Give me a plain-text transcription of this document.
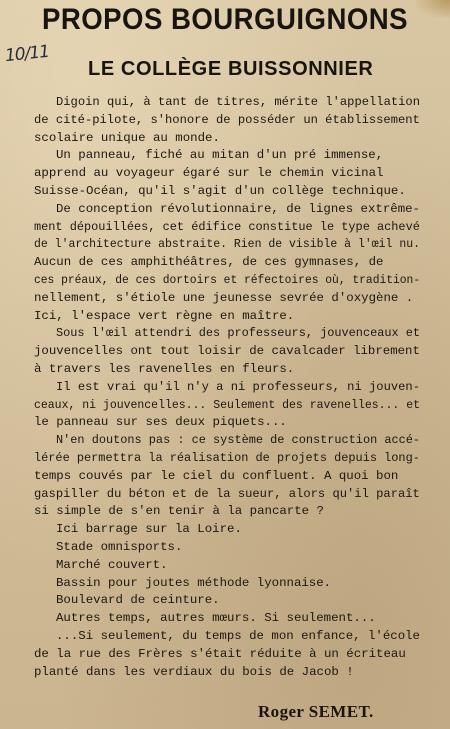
PROPOS BOURGUIGNONS
10/11
LE COLLÈGE BUISSONNIER
Digoin qui, à tant de titres, mérite l'appellation
de cité-pilote, s'honore de posséder un établissement
scolaire unique au monde.
Un panneau, fiché au mitan d'un pré immense,
apprend au voyageur égaré sur le chemin vicinal
Suisse-Océan, qu'il s'agit d'un collège technique.
De conception révolutionnaire, de lignes extrême-
ment dépouillées, cet édifice constitue le type achevé
de l'architecture abstraite. Rien de visible à l'œil nu.
Aucun de ces amphithéâtres, de ces gymnases, de
ces préaux, de ces dortoirs et réfectoires où, tradition-
nellement, s'étiole une jeunesse sevrée d'oxygène .
Ici, l'espace vert règne en maître.
Sous l'œil attendri des professeurs, jouvenceaux et
jouvencelles ont tout loisir de cavalcader librement
à travers les ravenelles en fleurs.
Il est vrai qu'il n'y a ni professeurs, ni jouven-
ceaux, ni jouvencelles... Seulement des ravenelles... et
le panneau sur ses deux piquets...
N'en doutons pas : ce système de construction accé-
lérée permettra la réalisation de projets depuis long-
temps couvés par le ciel du confluent. A quoi bon
gaspiller du béton et de la sueur, alors qu'il paraît
si simple de s'en tenir à la pancarte ?
Ici barrage sur la Loire.
Stade omnisports.
Marché couvert.
Bassin pour joutes méthode lyonnaise.
Boulevard de ceinture.
Autres temps, autres mœurs. Si seulement...
...Si seulement, du temps de mon enfance, l'école
de la rue des Frères s'était réduite à un écriteau
planté dans les verdiaux du bois de Jacob !
Roger SEMET.
